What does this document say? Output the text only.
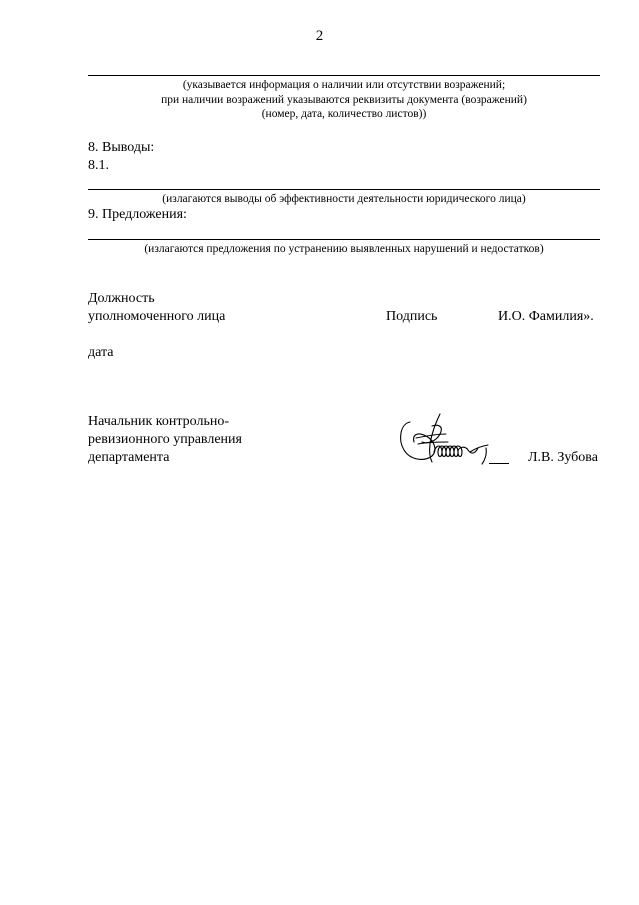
2
(указывается информация о наличии или отсутствии возражений;
при наличии возражений указываются реквизиты документа (возражений)
(номер, дата, количество листов))
8. Выводы:
8.1.
(излагаются выводы об эффективности деятельности юридического лица)
9. Предложения:
(излагаются предложения по устранению выявленных нарушений и недостатков)
Должность
уполномоченного лица	Подпись	И.О. Фамилия».
дата
Начальник контрольно-
ревизионного управления
департамента	Л.В. Зубова
